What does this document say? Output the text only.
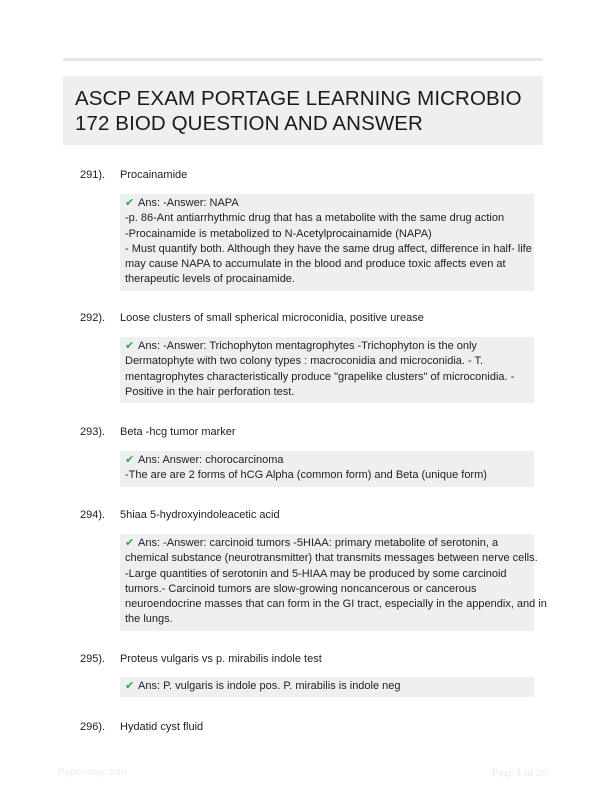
ASCP EXAM PORTAGE LEARNING MICROBIO
172 BIOD QUESTION AND ANSWER
291). Procainamide
✔ Ans: -Answer: NAPA
-p. 86-Ant antiarrhythmic drug that has a metabolite with the same drug action
-Procainamide is metabolized to N-Acetylprocainamide (NAPA)
- Must quantify both. Although they have the same drug affect, difference in half- life
may cause NAPA to accumulate in the blood and produce toxic affects even at
therapeutic levels of procainamide.
292). Loose clusters of small spherical microconidia, positive urease
✔ Ans: -Answer: Trichophyton mentagrophytes -Trichophyton is the only
Dermatophyte with two colony types : macroconidia and microconidia. - T.
mentagrophytes characteristically produce "grapelike clusters" of microconidia. -
Positive in the hair perforation test.
293). Beta -hcg tumor marker
✔ Ans: Answer: chorocarcinoma
-The are are 2 forms of hCG Alpha (common form) and Beta (unique form)
294). 5hiaa 5-hydroxyindoleacetic acid
✔ Ans: -Answer: carcinoid tumors -5HIAA: primary metabolite of serotonin, a
chemical substance (neurotransmitter) that transmits messages between nerve cells.
-Large quantities of serotonin and 5-HIAA may be produced by some carcinoid
tumors.- Carcinoid tumors are slow-growing noncancerous or cancerous
neuroendocrine masses that can form in the GI tract, especially in the appendix, and in
the lungs.
295). Proteus vulgaris vs p. mirabilis indole test
✔ Ans: P. vulgaris is indole pos. P. mirabilis is indole neg
296). Hydatid cyst fluid
Papersbuy.com	Page 1 of 20
